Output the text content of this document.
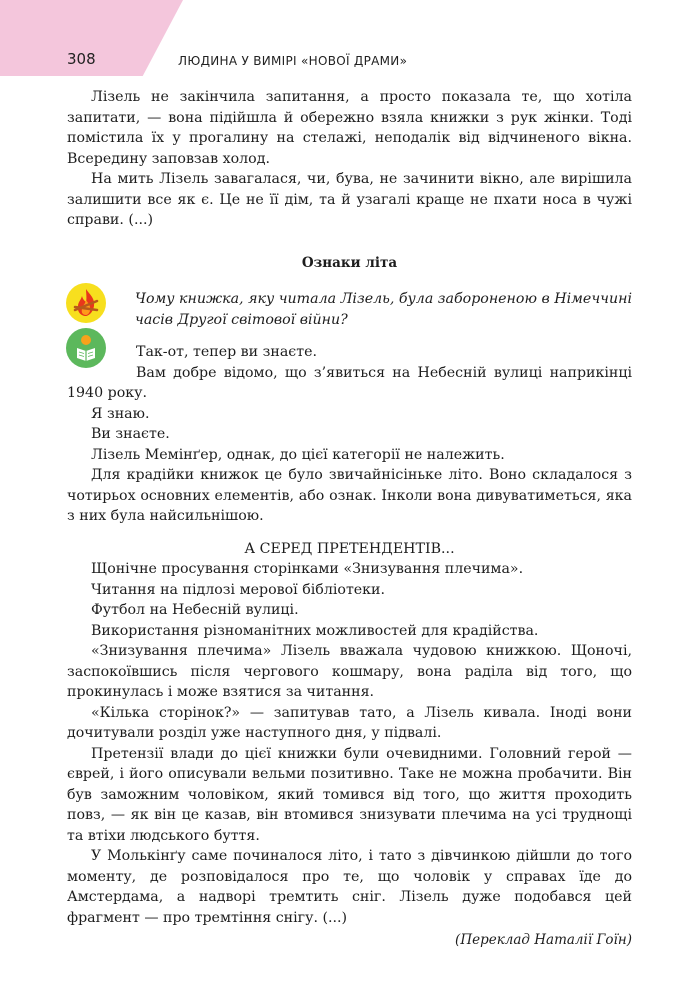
308	ЛЮДИНА У ВИМІРІ «НОВОЇ ДРАМИ»

Лізель не закінчила запитання, а просто показала те, що хотіла запитати, — вона підійшла й обережно взяла книжки з рук жінки. Тоді помістила їх у прогалину на стелажі, неподалік від відчиненого вікна. Всередину заповзав холод.

На мить Лізель завагалася, чи, бува, не зачинити вікно, але вирішила залишити все як є. Це не її дім, та й узагалі краще не пхати носа в чужі справи. (...)

Ознаки літа
Чому книжка, яку читала Лізель, була забороненою в Німеччині часів Другої світової війни?

Так-от, тепер ви знаєте.

Вам добре відомо, що з’явиться на Небесній вулиці наприкінці 1940 року.

Я знаю.

Ви знаєте.

Лізель Мемінґер, однак, до цієї категорії не належить.

Для крадійки книжок це було звичайнісінькe літо. Воно складалося з чотирьох основних елементів, або ознак. Інколи вона дивуватиметься, яка з них була найсильнішою.

А СЕРЕД ПРЕТЕНДЕНТІВ...

Щонічне просування сторінками «Знизування плечима».

Читання на підлозі мерової бібліотеки.

Футбол на Небесній вулиці.

Використання різноманітних можливостей для крадійства.

«Знизування плечима» Лізель вважала чудовою книжкою. Щоночі, заспокоївшись після чергового кошмару, вона раділа від того, що прокинулась і може взятися за читання.

«Кілька сторінок?» — запитував тато, а Лізель кивала. Іноді вони дочитували розділ уже наступного дня, у підвалі.

Претензії влади до цієї книжки були очевидними. Головний герой — єврей, і його описували вельми позитивно. Таке не можна пробачити. Він був заможним чоловіком, який томився від того, що життя проходить повз, — як він це казав, він втомився знизувати плечима на усі труднощі та втіхи людського буття.

У Молькінґу саме починалося літо, і тато з дівчинкою дійшли до того моменту, де розповідалося про те, що чоловік у справах їде до Амстердама, а надворі тремтить сніг. Лізель дуже подобався цей фрагмент — про тремтіння снігу. (...)

(Переклад Наталії Гоїн)
